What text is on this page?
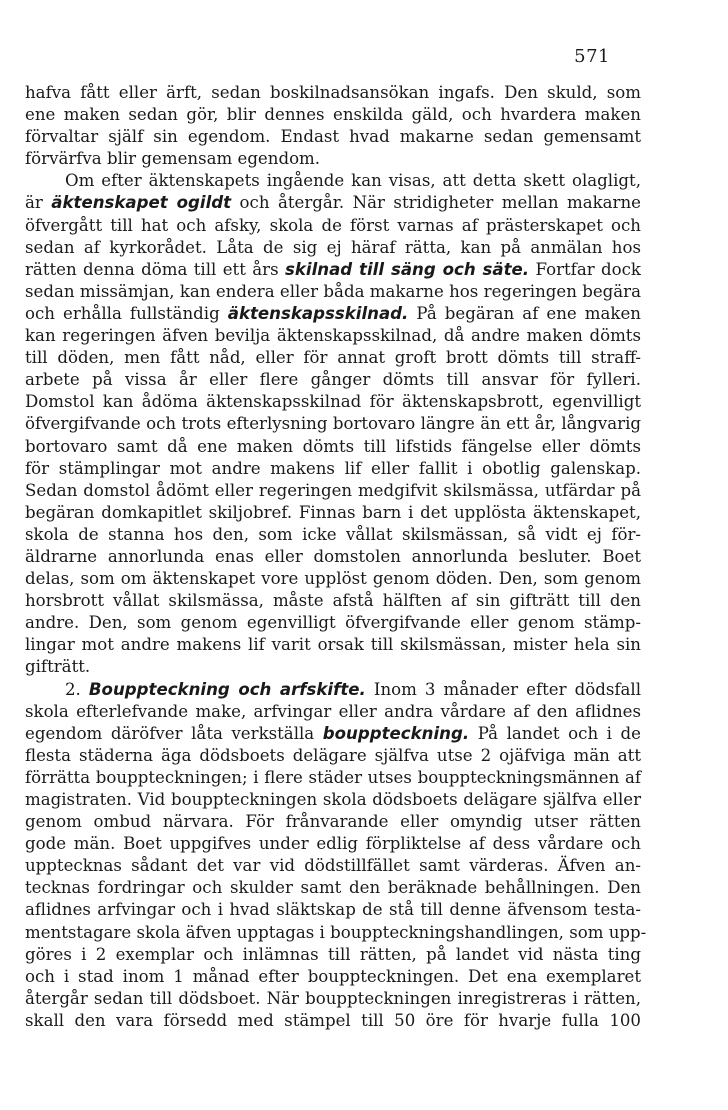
571
hafva fått eller ärft, sedan boskilnadsansökan ingafs. Den skuld, som
ene maken sedan gör, blir dennes enskilda gäld, och hvardera maken
förvaltar själf sin egendom. Endast hvad makarne sedan gemensamt
förvärfva blir gemensam egendom.
Om efter äktenskapets ingående kan visas, att detta skett olagligt,
är äktenskapet ogildt och återgår. När stridigheter mellan makarne
öfvergått till hat och afsky, skola de först varnas af prästerskapet och
sedan af kyrkorådet. Låta de sig ej häraf rätta, kan på anmälan hos
rätten denna döma till ett års skilnad till säng och säte. Fortfar dock
sedan missämjan, kan endera eller båda makarne hos regeringen begära
och erhålla fullständig äktenskapsskilnad. På begäran af ene maken
kan regeringen äfven bevilja äktenskapsskilnad, då andre maken dömts
till döden, men fått nåd, eller för annat groft brott dömts till straff-
arbete på vissa år eller flere gånger dömts till ansvar för fylleri.
Domstol kan ådöma äktenskapsskilnad för äktenskapsbrott, egenvilligt
öfvergifvande och trots efterlysning bortovaro längre än ett år, långvarig
bortovaro samt då ene maken dömts till lifstids fängelse eller dömts
för stämplingar mot andre makens lif eller fallit i obotlig galenskap.
Sedan domstol ådömt eller regeringen medgifvit skilsmässa, utfärdar på
begäran domkapitlet skiljobref. Finnas barn i det upplösta äktenskapet,
skola de stanna hos den, som icke vållat skilsmässan, så vidt ej för-
äldrarne annorlunda enas eller domstolen annorlunda besluter. Boet
delas, som om äktenskapet vore upplöst genom döden. Den, som genom
horsbrott vållat skilsmässa, måste afstå hälften af sin gifträtt till den
andre. Den, som genom egenvilligt öfvergifvande eller genom stämp-
lingar mot andre makens lif varit orsak till skilsmässan, mister hela sin
gifträtt.
2. Bouppteckning och arfskifte. Inom 3 månader efter dödsfall
skola efterlefvande make, arfvingar eller andra vårdare af den aflidnes
egendom däröfver låta verkställa bouppteckning. På landet och i de
flesta städerna äga dödsboets delägare själfva utse 2 ojäfviga män att
förrätta bouppteckningen; i flere städer utses bouppteckningsmännen af
magistraten. Vid bouppteckningen skola dödsboets delägare själfva eller
genom ombud närvara. För frånvarande eller omyndig utser rätten
gode män. Boet uppgifves under edlig förpliktelse af dess vårdare och
upptecknas sådant det var vid dödstillfället samt värderas. Äfven an-
tecknas fordringar och skulder samt den beräknade behållningen. Den
aflidnes arfvingar och i hvad släktskap de stå till denne äfvensom testa-
mentstagare skola äfven upptagas i bouppteckningshandlingen, som upp-
göres i 2 exemplar och inlämnas till rätten, på landet vid nästa ting
och i stad inom 1 månad efter bouppteckningen. Det ena exemplaret
återgår sedan till dödsboet. När bouppteckningen inregistreras i rätten,
skall den vara försedd med stämpel till 50 öre för hvarje fulla 100
